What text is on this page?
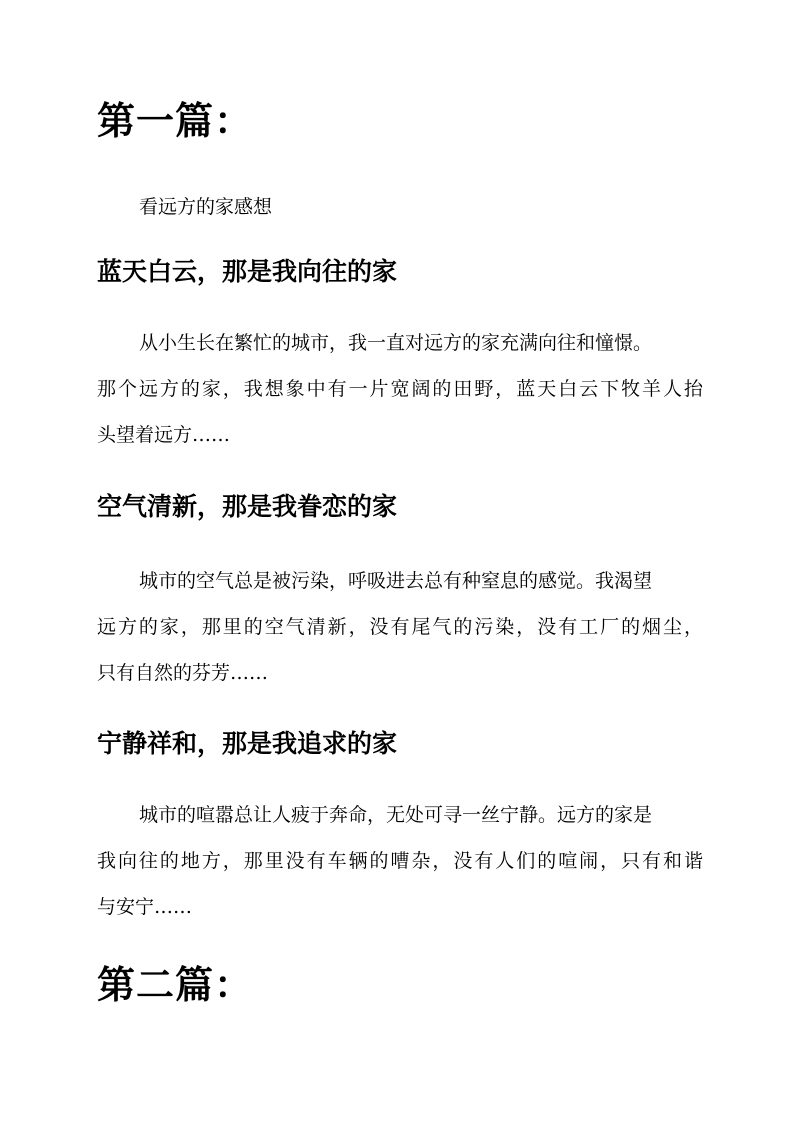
第一篇：

看远方的家感想

蓝天白云，那是我向往的家
从小生长在繁忙的城市，我一直对远方的家充满向往和憧憬。
那个远方的家，我想象中有一片宽阔的田野，蓝天白云下牧羊人抬
头望着远方……
空气清新，那是我眷恋的家
城市的空气总是被污染，呼吸进去总有种窒息的感觉。我渴望
远方的家，那里的空气清新，没有尾气的污染，没有工厂的烟尘，
只有自然的芬芳……
宁静祥和，那是我追求的家
城市的喧嚣总让人疲于奔命，无处可寻一丝宁静。远方的家是
我向往的地方，那里没有车辆的嘈杂，没有人们的喧闹，只有和谐
与安宁……
第二篇：
